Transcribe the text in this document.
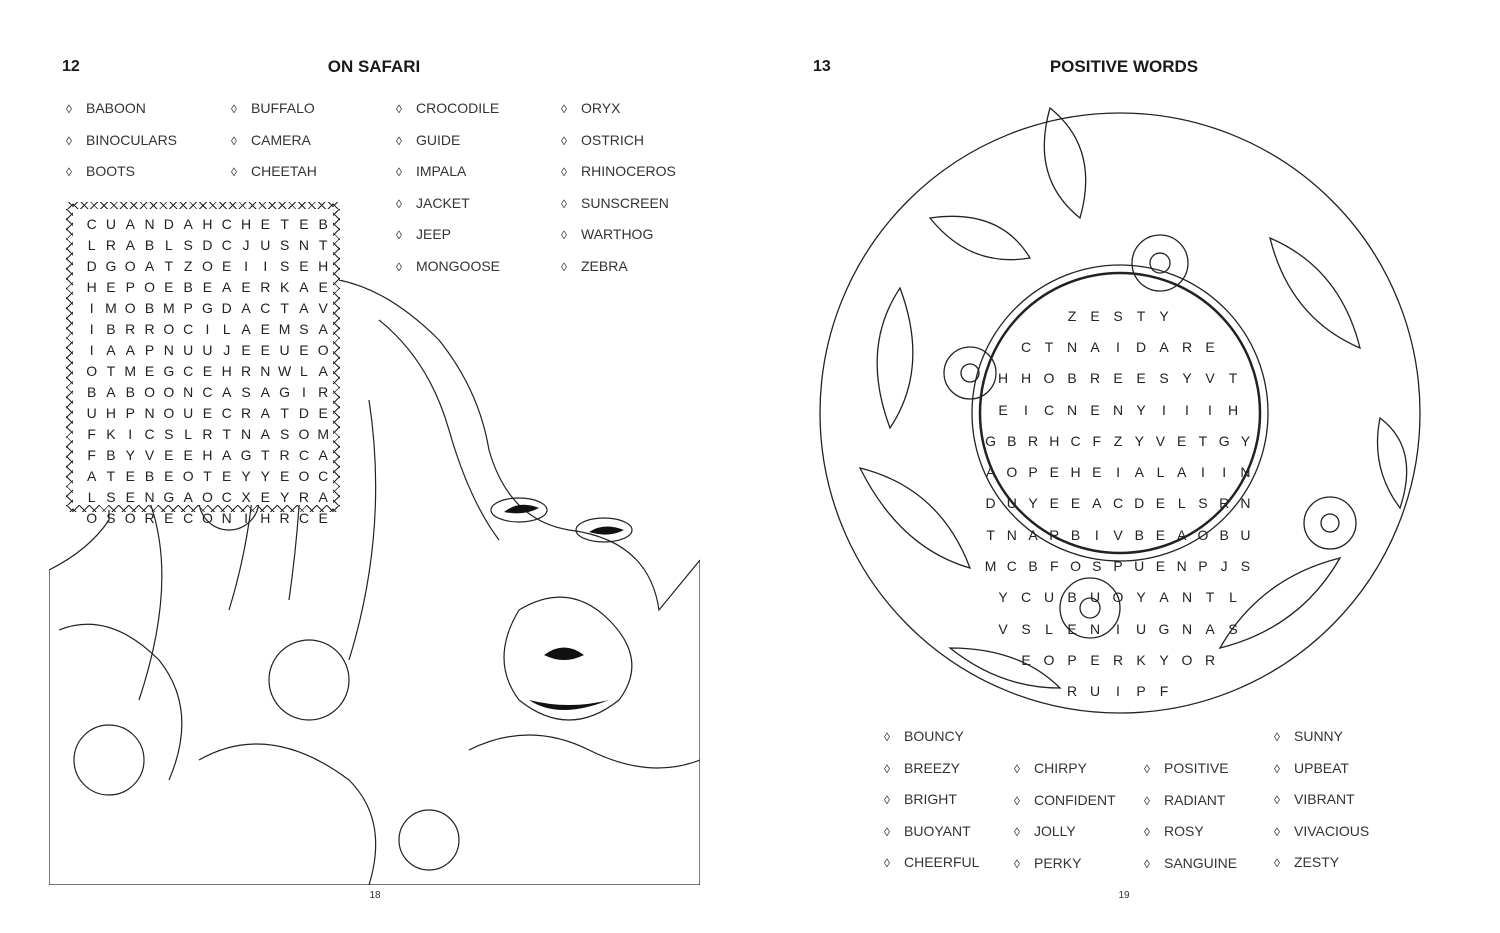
12	ON SAFARI
◊ BABOON
◊ BINOCULARS
◊ BOOTS
◊ BUFFALO
◊ CAMERA
◊ CHEETAH
◊ CROCODILE
◊ GUIDE
◊ IMPALA
◊ JACKET
◊ JEEP
◊ MONGOOSE
◊ ORYX
◊ OSTRICH
◊ RHINOCEROS
◊ SUNSCREEN
◊ WARTHOG
◊ ZEBRA
C U A N D A H C H E T E B
L R A B L S D C J U S N T
D G O A T Z O E I	I S E H
H E P O E B E A E R K A E
I M O B M P G D A C T A V
I B R R O C I L A E M S A
I A A P N U U J E E U E O
O T M E G C E H R N W L A
B A B O O N C A S A G I R
U H P N O U E C R A T D E
F K I C S L R T N A S O M
F B Y V E E H A G T R C A
A T E B E O T E Y Y E O C
L S E N G A O C X E Y R A
O S O R E C O N I H R C E
18
13	POSITIVE WORDS
◊ BOUNCY
◊ BREEZY
◊ BRIGHT
◊ BUOYANT
◊ CHEERFUL
◊ CHIRPY
◊ CONFIDENT
◊ JOLLY
◊ PERKY
◊ POSITIVE
◊ RADIANT
◊ ROSY
◊ SANGUINE
◊ SUNNY
◊ UPBEAT
◊ VIBRANT
◊ VIVACIOUS
◊ ZESTY
19
Z	E S	T	Y
C T N A	I	D A R E
H H O B R E E S Y V	T
E	I	C N E N Y	I	I	I	H
G B R H C F Z Y V E T G Y
A O P E H E	I	A L A	I	I	N
D U Y E E A C D E L S R N
T N A R B	I	V B E A O B U
M C B F O S P U E N P J S
Y C U B U O Y A N T	L
V S	L	E N	I	U G N A S
E O P E R K Y O R
R U	I	P	F
